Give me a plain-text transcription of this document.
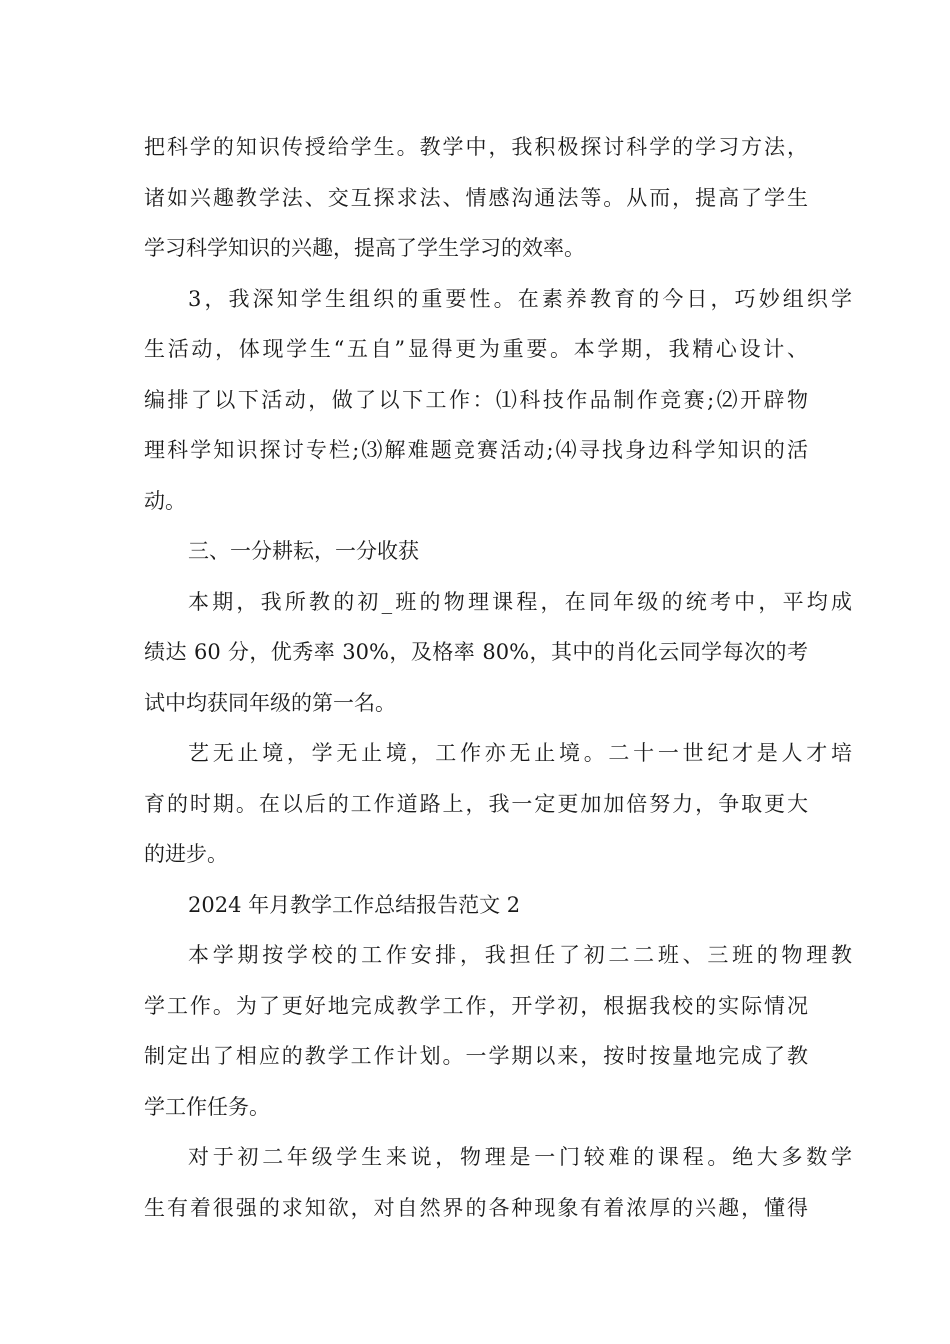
把科学的知识传授给学生。教学中，我积极探讨科学的学习方法，
诸如兴趣教学法、交互探求法、情感沟通法等。从而，提高了学生
学习科学知识的兴趣，提高了学生学习的效率。
3，我深知学生组织的重要性。在素养教育的今日，巧妙组织学
生活动，体现学生“五自”显得更为重要。本学期，我精心设计、
编排了以下活动，做了以下工作：⑴科技作品制作竞赛;⑵开辟物
理科学知识探讨专栏;⑶解难题竞赛活动;⑷寻找身边科学知识的活
动。
三、一分耕耘，一分收获
本期，我所教的初_班的物理课程，在同年级的统考中，平均成
绩达 60 分，优秀率 30%，及格率 80%，其中的肖化云同学每次的考
试中均获同年级的第一名。
艺无止境，学无止境，工作亦无止境。二十一世纪才是人才培
育的时期。在以后的工作道路上，我一定更加加倍努力，争取更大
的进步。
2024 年月教学工作总结报告范文 2
本学期按学校的工作安排，我担任了初二二班、三班的物理教
学工作。为了更好地完成教学工作，开学初，根据我校的实际情况
制定出了相应的教学工作计划。一学期以来，按时按量地完成了教
学工作任务。
对于初二年级学生来说，物理是一门较难的课程。绝大多数学
生有着很强的求知欲，对自然界的各种现象有着浓厚的兴趣，懂得
